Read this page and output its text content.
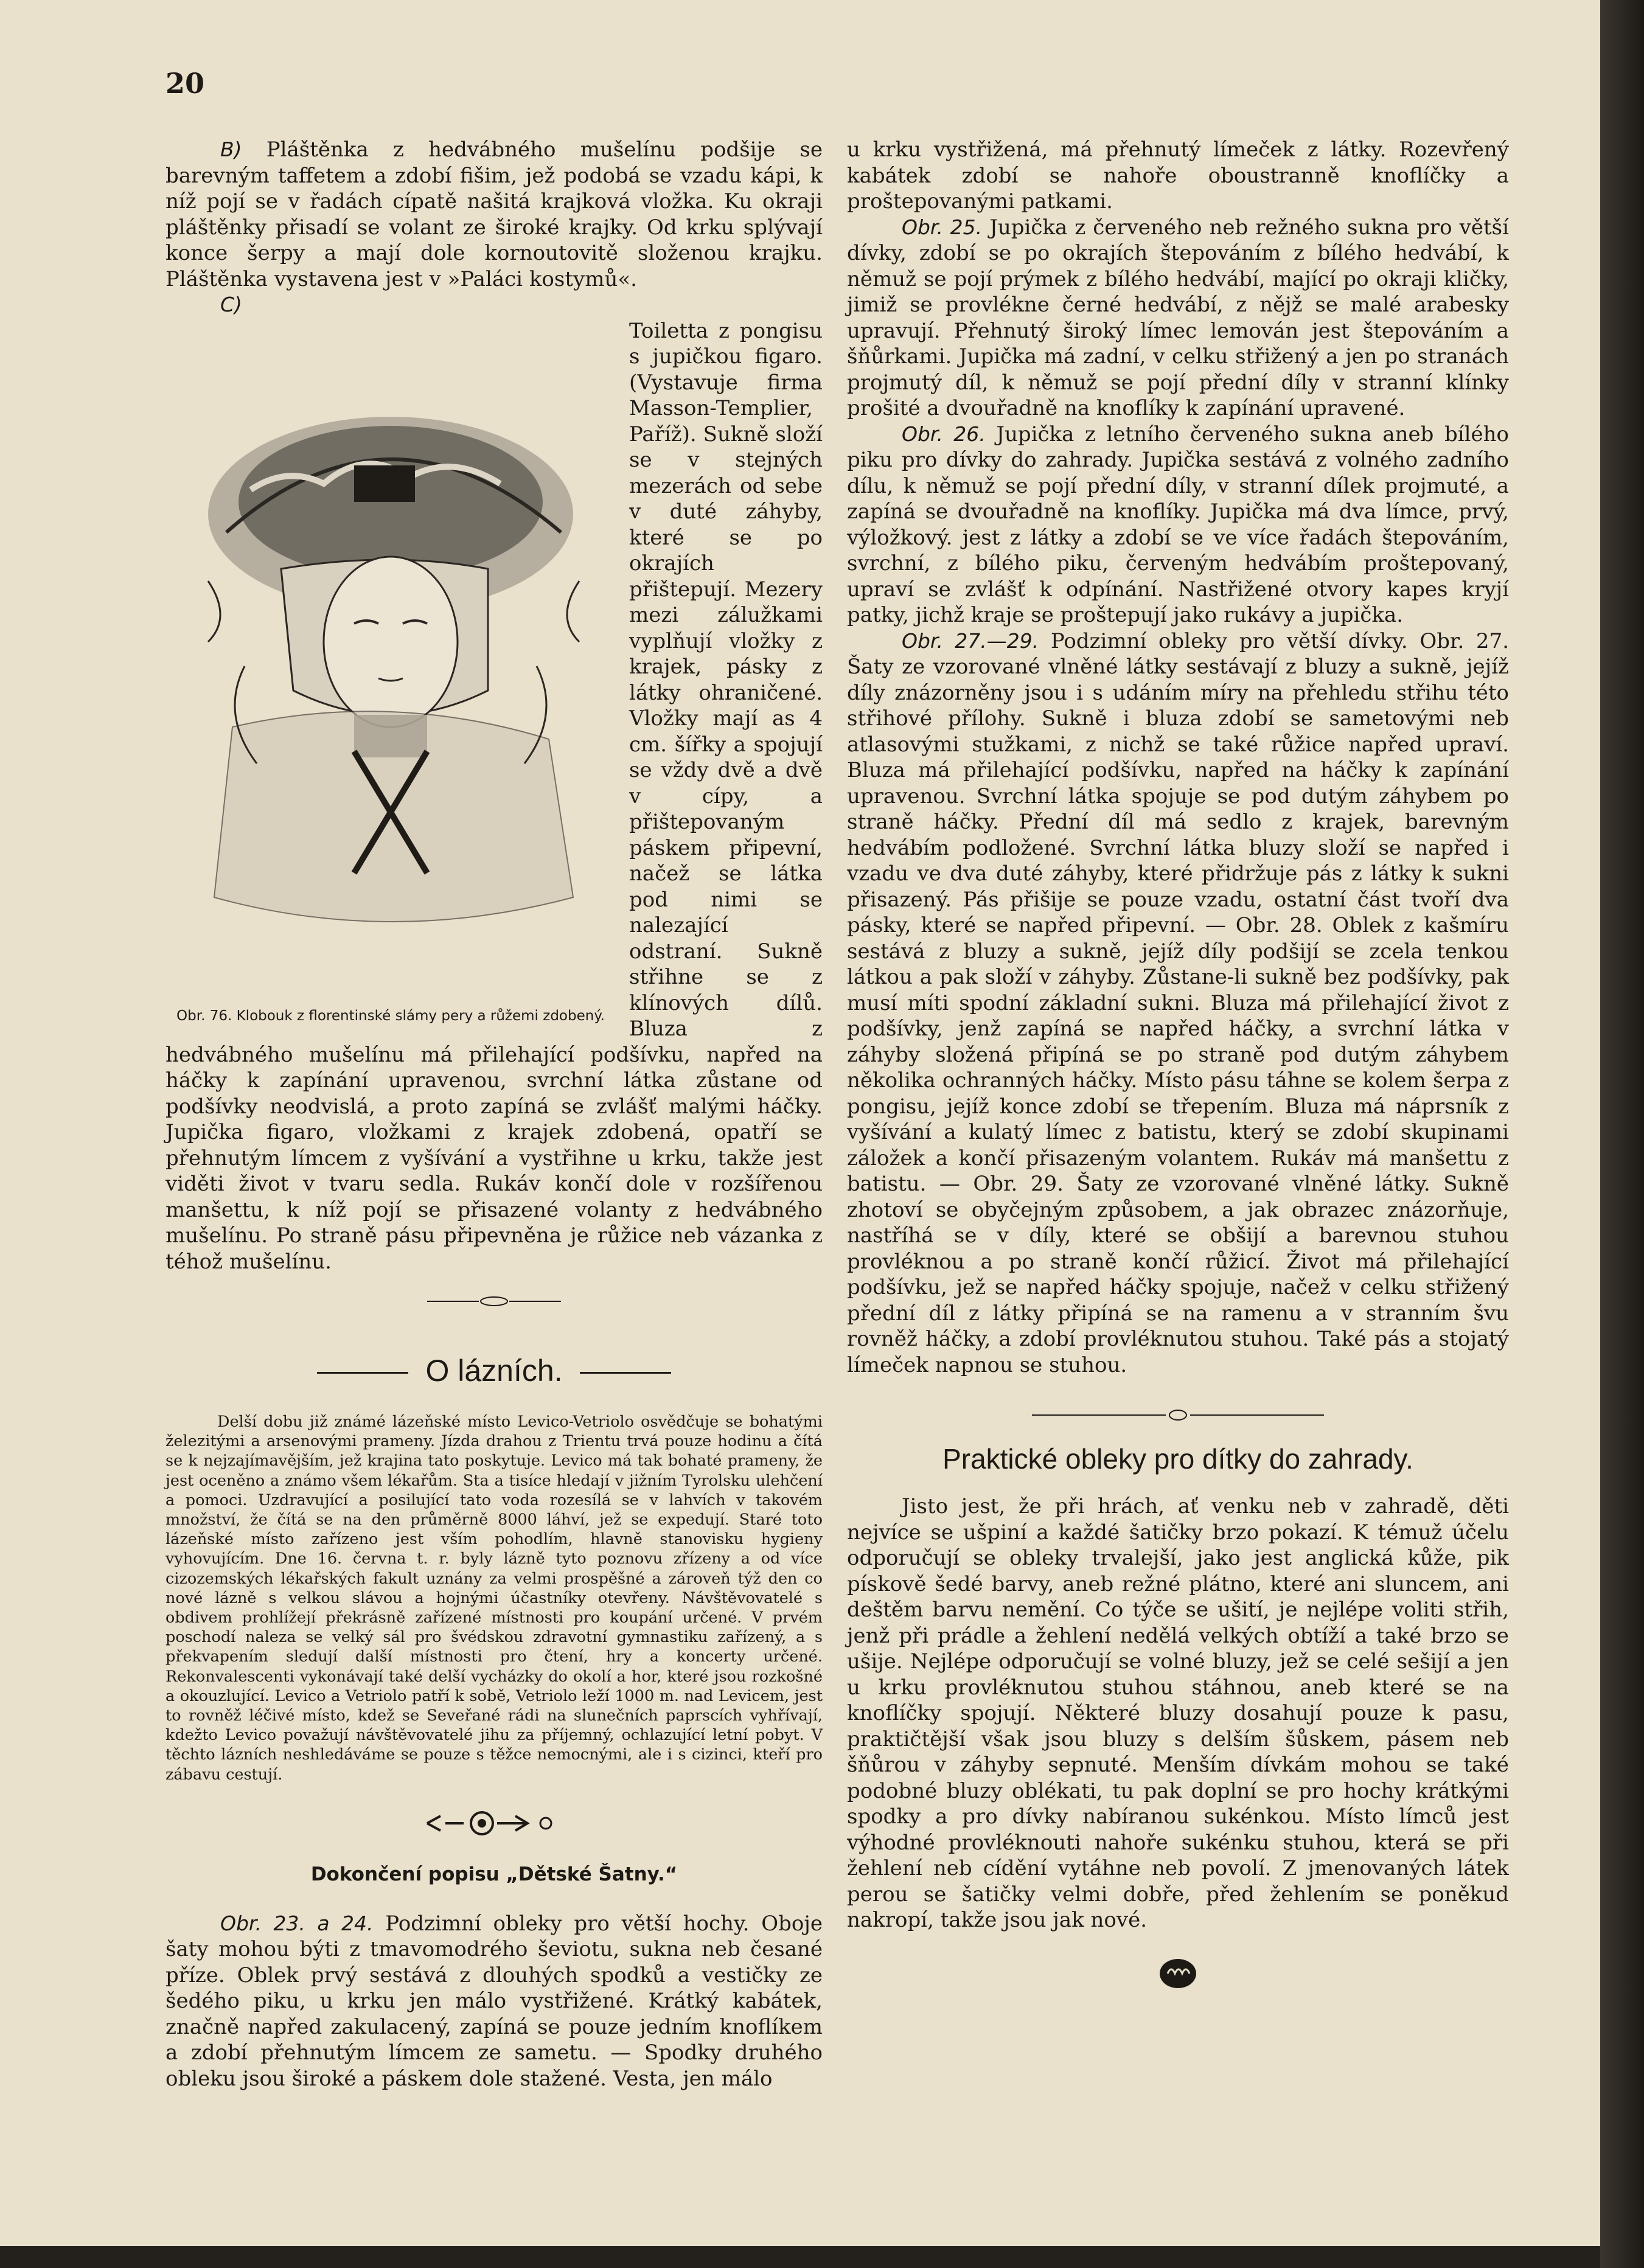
20

B) Pláštěnka z hedvábného mušelínu podšije se barevným taffetem a zdobí fišim, jež podobá se vzadu kápi, k níž pojí se v řadách cípatě našitá krajková vložka. Ku okraji pláštěnky přisadí se volant ze široké krajky. Od krku splývají konce šerpy a mají dole kornoutovitě složenou krajku. Pláštěnka vystavena jest v »Paláci kostymů«.

C)

Obr. 76. Klobouk z florentinské slámy pery a růžemi zdobený.

Toiletta z pongisu s jupičkou figaro. (Vystavuje firma Masson-Templier, Paříž). Sukně složí se v stejných mezerách od sebe v duté záhyby, které se po okrajích přištepují. Mezery mezi zálužkami vyplňují vložky z krajek, pásky z látky ohraničené. Vložky mají as 4 cm. šířky a spojují se vždy dvě a dvě v cípy, a přištepovaným páskem připevní, načež se látka pod nimi se nalezající odstraní. Sukně střihne se z klínových dílů. Bluza z hedvábného mušelínu má přilehající podšívku, napřed na háčky k zapínání upravenou, svrchní látka zůstane od podšívky neodvislá, a proto zapíná se zvlášť malými háčky. Jupička figaro, vložkami z krajek zdobená, opatří se přehnutým límcem z vyšívání a vystřihne u krku, takže jest viděti život v tvaru sedla. Rukáv končí dole v rozšířenou manšettu, k níž pojí se přisazené volanty z hedvábného mušelínu. Po straně pásu připevněna je růžice neb vázanka z téhož mušelínu.

O lázních.

Delší dobu již známé lázeňské místo Levico-Vetriolo osvědčuje se bohatými železitými a arsenovými prameny. Jízda drahou z Trientu trvá pouze hodinu a čítá se k nejzajímavějším, jež krajina tato poskytuje. Levico má tak bohaté prameny, že jest oceněno a známo všem lékařům. Sta a tisíce hledají v jižním Tyrolsku ulehčení a pomoci. Uzdravující a posilující tato voda rozesílá se v lahvích v takovém množství, že čítá se na den průměrně 8000 láhví, jež se expedují. Staré toto lázeňské místo zařízeno jest vším pohodlím, hlavně stanovisku hygieny vyhovujícím. Dne 16. června t. r. byly lázně tyto poznovu zřízeny a od více cizozemských lékařských fakult uznány za velmi prospěšné a zároveň týž den co nové lázně s velkou slávou a hojnými účastníky otevřeny. Návštěvovatelé s obdivem prohlížejí překrásně zařízené místnosti pro koupání určené. V prvém poschodí naleza se velký sál pro švédskou zdravotní gymnastiku zařízený, a s překvapením sledují další místnosti pro čtení, hry a koncerty určené. Rekonvalescenti vykonávají také delší vycházky do okolí a hor, které jsou rozkošné a okouzlující. Levico a Vetriolo patří k sobě, Vetriolo leží 1000 m. nad Levicem, jest to rovněž léčivé místo, kdež se Seveřané rádi na slunečních paprscích vyhřívají, kdežto Levico považují návštěvovatelé jihu za příjemný, ochlazující letní pobyt. V těchto lázních neshledáváme se pouze s těžce nemocnými, ale i s cizinci, kteří pro zábavu cestují.

Dokončení popisu „Dětské Šatny.“

Obr. 23. a 24. Podzimní obleky pro větší hochy. Oboje šaty mohou býti z tmavomodrého ševiotu, sukna neb česané příze. Oblek prvý sestává z dlouhých spodků a vestičky ze šedého piku, u krku jen málo vystřižené. Krátký kabátek, značně napřed zakulacený, zapíná se pouze jedním knoflíkem a zdobí přehnutým límcem ze sametu. — Spodky druhého obleku jsou široké a páskem dole stažené. Vesta, jen málo

u krku vystřižená, má přehnutý límeček z látky. Rozevřený kabátek zdobí se nahoře oboustranně knoflíčky a proštepovanými patkami.

Obr. 25. Jupička z červeného neb režného sukna pro větší dívky, zdobí se po okrajích štepováním z bílého hedvábí, k němuž se pojí prýmek z bílého hedvábí, mající po okraji kličky, jimiž se provlékne černé hedvábí, z nějž se malé arabesky upravují. Přehnutý široký límec lemován jest štepováním a šňůrkami. Jupička má zadní, v celku střižený a jen po stranách projmutý díl, k němuž se pojí přední díly v stranní klínky prošité a dvouřadně na knoflíky k zapínání upravené.

Obr. 26. Jupička z letního červeného sukna aneb bílého piku pro dívky do zahrady. Jupička sestává z volného zadního dílu, k němuž se pojí přední díly, v stranní dílek projmuté, a zapíná se dvouřadně na knoflíky. Jupička má dva límce, prvý, výložkový. jest z látky a zdobí se ve více řadách štepováním, svrchní, z bílého piku, červeným hedvábím proštepovaný, upraví se zvlášť k odpínání. Nastřižené otvory kapes kryjí patky, jichž kraje se proštepují jako rukávy a jupička.

Obr. 27.—29. Podzimní obleky pro větší dívky. Obr. 27. Šaty ze vzorované vlněné látky sestávají z bluzy a sukně, jejíž díly znázorněny jsou i s udáním míry na přehledu střihu této střihové přílohy. Sukně i bluza zdobí se sametovými neb atlasovými stužkami, z nichž se také růžice napřed upraví. Bluza má přilehající podšívku, napřed na háčky k zapínání upravenou. Svrchní látka spojuje se pod dutým záhybem po straně háčky. Přední díl má sedlo z krajek, barevným hedvábím podložené. Svrchní látka bluzy složí se napřed i vzadu ve dva duté záhyby, které přidržuje pás z látky k sukni přisazený. Pás přišije se pouze vzadu, ostatní část tvoří dva pásky, které se napřed připevní. — Obr. 28. Oblek z kašmíru sestává z bluzy a sukně, jejíž díly podšijí se zcela tenkou látkou a pak složí v záhyby. Zůstane-li sukně bez podšívky, pak musí míti spodní základní sukni. Bluza má přilehající život z podšívky, jenž zapíná se napřed háčky, a svrchní látka v záhyby složená připíná se po straně pod dutým záhybem několika ochranných háčky. Místo pásu táhne se kolem šerpa z pongisu, jejíž konce zdobí se třepením. Bluza má náprsník z vyšívání a kulatý límec z batistu, který se zdobí skupinami záložek a končí přisazeným volantem. Rukáv má manšettu z batistu. — Obr. 29. Šaty ze vzorované vlněné látky. Sukně zhotoví se obyčejným způsobem, a jak obrazec znázorňuje, nastříhá se v díly, které se obšijí a barevnou stuhou provléknou a po straně končí růžicí. Život má přilehající podšívku, jež se napřed háčky spojuje, načež v celku střižený přední díl z látky připíná se na ramenu a v stranním švu rovněž háčky, a zdobí provléknutou stuhou. Také pás a stojatý límeček napnou se stuhou.

Praktické obleky pro dítky do zahrady.

Jisto jest, že při hrách, ať venku neb v zahradě, děti nejvíce se ušpiní a každé šatičky brzo pokazí. K témuž účelu odporučují se obleky trvalejší, jako jest anglická kůže, pik pískově šedé barvy, aneb režné plátno, které ani sluncem, ani deštěm barvu nemění. Co týče se ušití, je nejlépe voliti střih, jenž při prádle a žehlení nedělá velkých obtíží a také brzo se ušije. Nejlépe odporučují se volné bluzy, jež se celé sešijí a jen u krku provléknutou stuhou stáhnou, aneb které se na knoflíčky spojují. Některé bluzy dosahují pouze k pasu, praktičtější však jsou bluzy s delším šůskem, pásem neb šňůrou v záhyby sepnuté. Menším dívkám mohou se také podobné bluzy oblékati, tu pak doplní se pro hochy krátkými spodky a pro dívky nabíranou sukénkou. Místo límců jest výhodné provléknouti nahoře sukénku stuhou, která se při žehlení neb cídění vytáhne neb povolí. Z jmenovaných látek perou se šatičky velmi dobře, před žehlením se poněkud nakropí, takže jsou jak nové.
